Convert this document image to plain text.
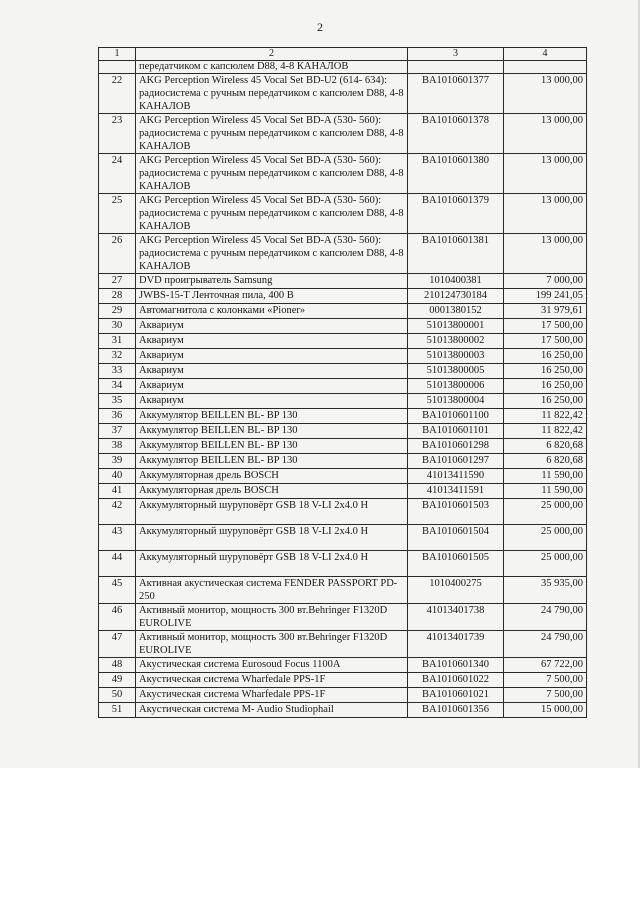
2
1	2	3	4
	передатчиком с капсюлем D88, 4-8 КАНАЛОВ		
22	AKG Perception Wireless 45 Vocal Set BD-U2 (614- 634): радиосистема с ручным передатчиком с капсюлем D88, 4-8 КАНАЛОВ	BA1010601377	13 000,00
23	AKG Perception Wireless 45 Vocal Set BD-A (530- 560): радиосистема с ручным передатчиком с капсюлем D88, 4-8 КАНАЛОВ	BA1010601378	13 000,00
24	AKG Perception Wireless 45 Vocal Set BD-A (530- 560): радиосистема с ручным передатчиком с капсюлем D88, 4-8 КАНАЛОВ	BA1010601380	13 000,00
25	AKG Perception Wireless 45 Vocal Set BD-A (530- 560): радиосистема с ручным передатчиком с капсюлем D88, 4-8 КАНАЛОВ	BA1010601379	13 000,00
26	AKG Perception Wireless 45 Vocal Set BD-A (530- 560): радиосистема с ручным передатчиком с капсюлем D88, 4-8 КАНАЛОВ	BA1010601381	13 000,00
27	DVD проигрыватель Samsung	1010400381	7 000,00
28	JWBS-15-T Ленточная пила, 400 B	210124730184	199 241,05
29	Автомагнитола с колонками «Pioner»	0001380152	31 979,61
30	Аквариум	51013800001	17 500,00
31	Аквариум	51013800002	17 500,00
32	Аквариум	51013800003	16 250,00
33	Аквариум	51013800005	16 250,00
34	Аквариум	51013800006	16 250,00
35	Аквариум	51013800004	16 250,00
36	Аккумулятор BEILLEN BL- BP 130	BA1010601100	11 822,42
37	Аккумулятор BEILLEN BL- BP 130	BA1010601101	11 822,42
38	Аккумулятор BEILLEN BL- BP 130	BA1010601298	6 820,68
39	Аккумулятор BEILLEN BL- BP 130	BA1010601297	6 820,68
40	Аккумуляторная дрель BOSCH	41013411590	11 590,00
41	Аккумуляторная дрель BOSCH	41013411591	11 590,00
42	Аккумуляторный шуруповёрт GSB 18 V-LI 2x4.0 H	BA1010601503	25 000,00
43	Аккумуляторный шуруповёрт GSB 18 V-LI 2x4.0 H	BA1010601504	25 000,00
44	Аккумуляторный шуруповёрт GSB 18 V-LI 2x4.0 H	BA1010601505	25 000,00
45	Активная акустическая система FENDER PASSPORT PD-250	1010400275	35 935,00
46	Активный монитор, мощность 300 вт.Behringer F1320D EUROLIVE	41013401738	24 790,00
47	Активный монитор, мощность 300 вт.Behringer F1320D EUROLIVE	41013401739	24 790,00
48	Акустическая система Eurosoud Focus 1100A	BA1010601340	67 722,00
49	Акустическая система Wharfedale PPS-1F	BA1010601022	7 500,00
50	Акустическая система Wharfedale PPS-1F	BA1010601021	7 500,00
51	Акустическая система M- Audio Studiophail	BA1010601356	15 000,00
